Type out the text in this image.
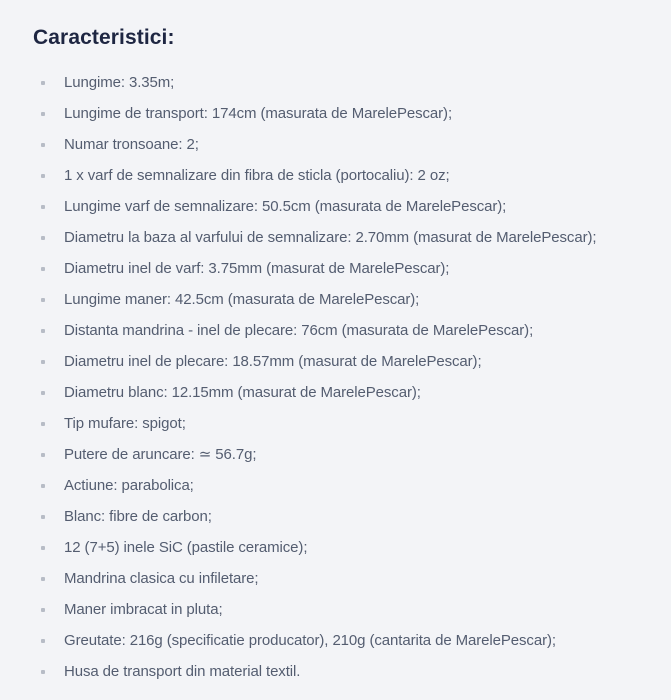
Caracteristici:
Lungime: 3.35m;
Lungime de transport: 174cm (masurata de MarelePescar);
Numar tronsoane: 2;
1 x varf de semnalizare din fibra de sticla (portocaliu): 2 oz;
Lungime varf de semnalizare: 50.5cm (masurata de MarelePescar);
Diametru la baza al varfului de semnalizare: 2.70mm (masurat de MarelePescar);
Diametru inel de varf: 3.75mm (masurat de MarelePescar);
Lungime maner: 42.5cm (masurata de MarelePescar);
Distanta mandrina - inel de plecare: 76cm (masurata de MarelePescar);
Diametru inel de plecare: 18.57mm (masurat de MarelePescar);
Diametru blanc: 12.15mm (masurat de MarelePescar);
Tip mufare: spigot;
Putere de aruncare: ≃ 56.7g;
Actiune: parabolica;
Blanc: fibre de carbon;
12 (7+5) inele SiC (pastile ceramice);
Mandrina clasica cu infiletare;
Maner imbracat in pluta;
Greutate: 216g (specificatie producator), 210g (cantarita de MarelePescar);
Husa de transport din material textil.
